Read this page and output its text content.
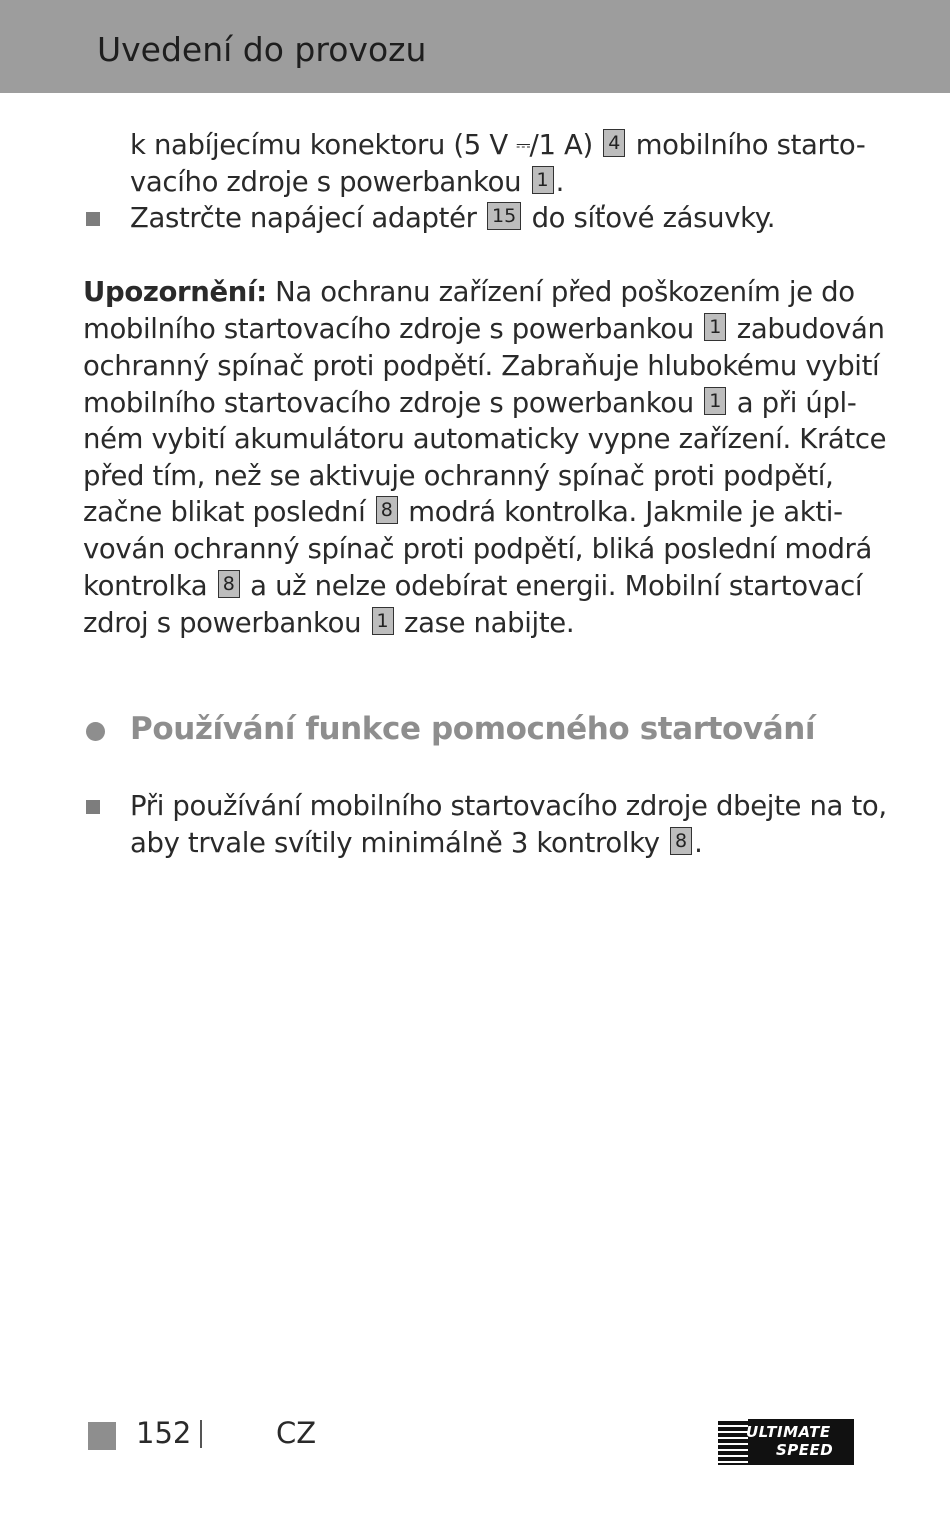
Uvedení do provozu
k nabíjecímu konektoru (5 V ⎓/1 A) 4 mobilního starto-
vacího zdroje s powerbankou 1 .
Zastrčte napájecí adaptér 15 do síťové zásuvky.
Upozornění: Na ochranu zařízení před poškozením je do
mobilního startovacího zdroje s powerbankou 1 zabudován
ochranný spínač proti podpětí. Zabraňuje hlubokému vybití
mobilního startovacího zdroje s powerbankou 1 a při úpl-
ném vybití akumulátoru automaticky vypne zařízení. Krátce
před tím, než se aktivuje ochranný spínač proti podpětí,
začne blikat poslední 8 modrá kontrolka. Jakmile je akti-
vován ochranný spínač proti podpětí, bliká poslední modrá
kontrolka 8 a už nelze odebírat energii. Mobilní startovací
zdroj s powerbankou 1 zase nabijte.
Používání funkce pomocného startování
Při používání mobilního startovacího zdroje dbejte na to,
aby trvale svítily minimálně 3 kontrolky 8 .
152	CZ	ULTIMATE
SPEED
